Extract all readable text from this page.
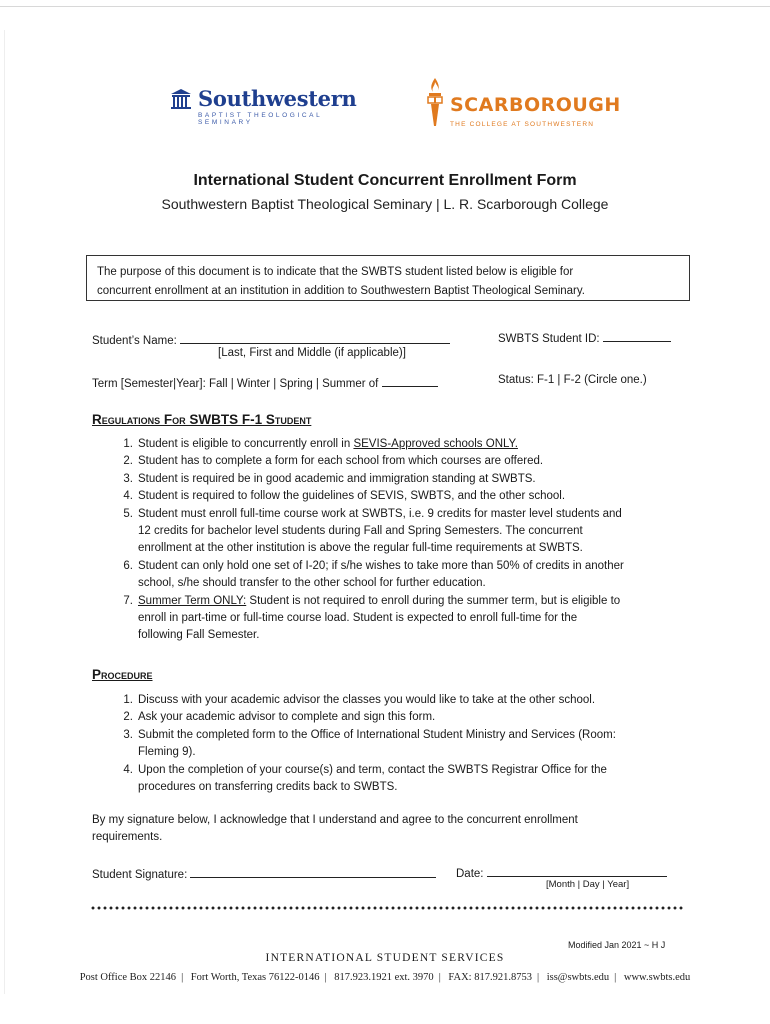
Southwestern
BAPTIST THEOLOGICAL SEMINARY
SCARBOROUGH
THE COLLEGE AT SOUTHWESTERN
International Student Concurrent Enrollment Form
Southwestern Baptist Theological Seminary | L. R. Scarborough College
The purpose of this document is to indicate that the SWBTS student listed below is eligible for
concurrent enrollment at an institution in addition to Southwestern Baptist Theological Seminary.
Student’s Name:
[Last, First and Middle (if applicable)]
SWBTS Student ID:
Term [Semester|Year]: Fall | Winter | Spring | Summer of	Status: F-1 | F-2 (Circle one.)
Regulations For SWBTS F-1 Student
1. Student is eligible to concurrently enroll in SEVIS-Approved schools ONLY.
2. Student has to complete a form for each school from which courses are offered.
3. Student is required be in good academic and immigration standing at SWBTS.
4. Student is required to follow the guidelines of SEVIS, SWBTS, and the other school.
5. Student must enroll full-time course work at SWBTS, i.e. 9 credits for master level students and
12 credits for bachelor level students during Fall and Spring Semesters. The concurrent
enrollment at the other institution is above the regular full-time requirements at SWBTS.
6. Student can only hold one set of I-20; if s/he wishes to take more than 50% of credits in another
school, s/he should transfer to the other school for further education.
7. Summer Term ONLY: Student is not required to enroll during the summer term, but is eligible to
enroll in part-time or full-time course load. Student is expected to enroll full-time for the
following Fall Semester.
Procedure
1. Discuss with your academic advisor the classes you would like to take at the other school.
2. Ask your academic advisor to complete and sign this form.
3. Submit the completed form to the Office of International Student Ministry and Services (Room:
Fleming 9).
4. Upon the completion of your course(s) and term, contact the SWBTS Registrar Office for the
procedures on transferring credits back to SWBTS.
By my signature below, I acknowledge that I understand and agree to the concurrent enrollment
requirements.
Student Signature:	Date:
[Month | Day | Year]
Modified Jan 2021 ~ H J
INTERNATIONAL STUDENT SERVICES
Post Office Box 22146 | Fort Worth, Texas 76122-0146 | 817.923.1921 ext. 3970 | FAX: 817.921.8753 | iss@swbts.edu | www.swbts.edu
